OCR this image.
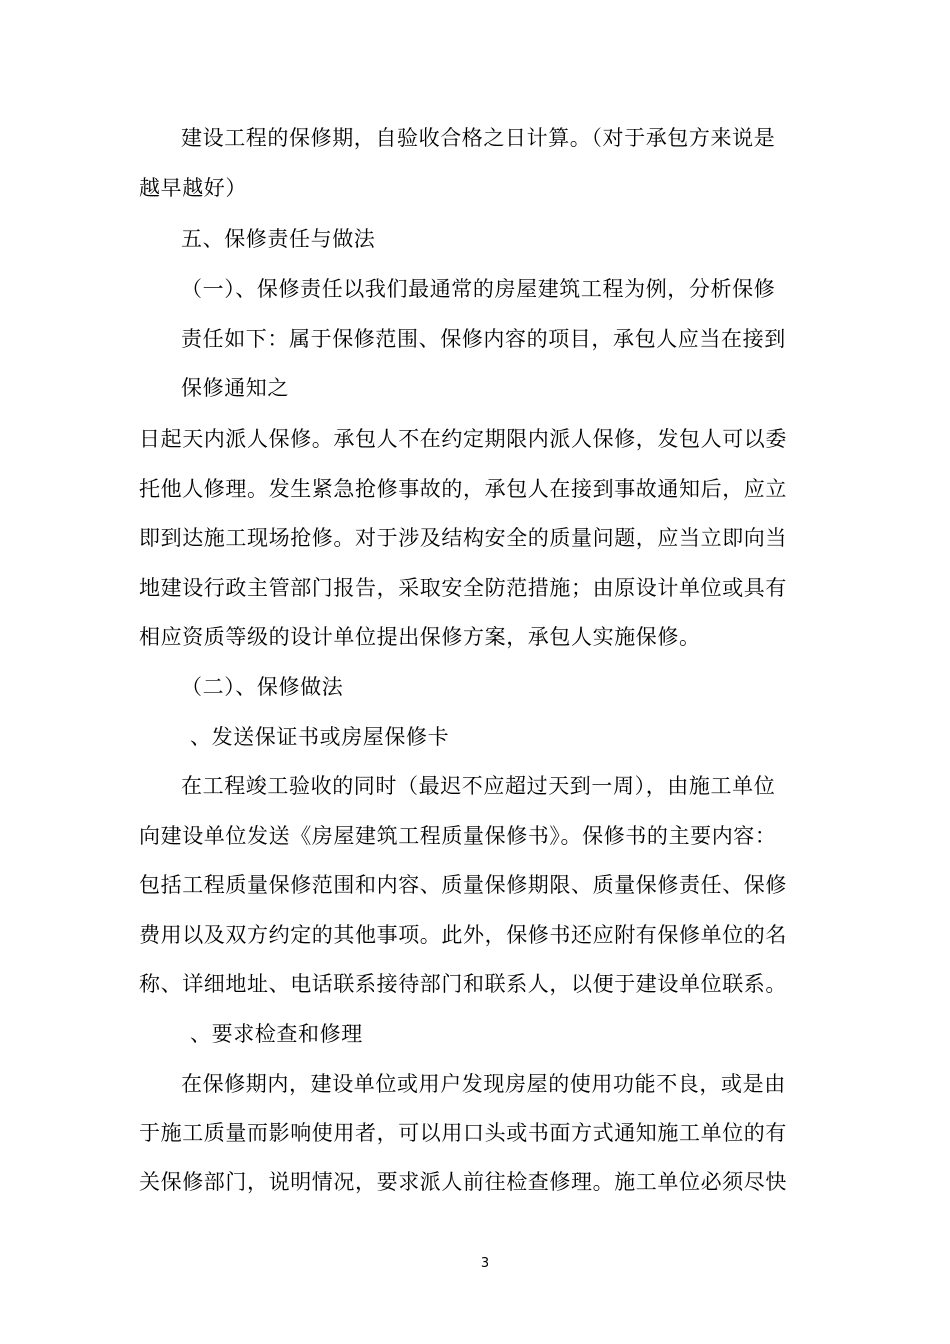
建设工程的保修期，自验收合格之日计算。（对于承包方来说是
越早越好）
五、保修责任与做法
（一）、保修责任以我们最通常的房屋建筑工程为例，分析保修
责任如下：属于保修范围、保修内容的项目，承包人应当在接到
保修通知之
日起天内派人保修。承包人不在约定期限内派人保修，发包人可以委
托他人修理。发生紧急抢修事故的，承包人在接到事故通知后，应立
即到达施工现场抢修。对于涉及结构安全的质量问题，应当立即向当
地建设行政主管部门报告，采取安全防范措施；由原设计单位或具有
相应资质等级的设计单位提出保修方案，承包人实施保修。
（二）、保修做法
、发送保证书或房屋保修卡
在工程竣工验收的同时（最迟不应超过天到一周），由施工单位
向建设单位发送《房屋建筑工程质量保修书》。保修书的主要内容：
包括工程质量保修范围和内容、质量保修期限、质量保修责任、保修
费用以及双方约定的其他事项。此外，保修书还应附有保修单位的名
称、详细地址、电话联系接待部门和联系人，以便于建设单位联系。
、要求检查和修理
在保修期内，建设单位或用户发现房屋的使用功能不良，或是由
于施工质量而影响使用者，可以用口头或书面方式通知施工单位的有
关保修部门，说明情况，要求派人前往检查修理。施工单位必须尽快
3
